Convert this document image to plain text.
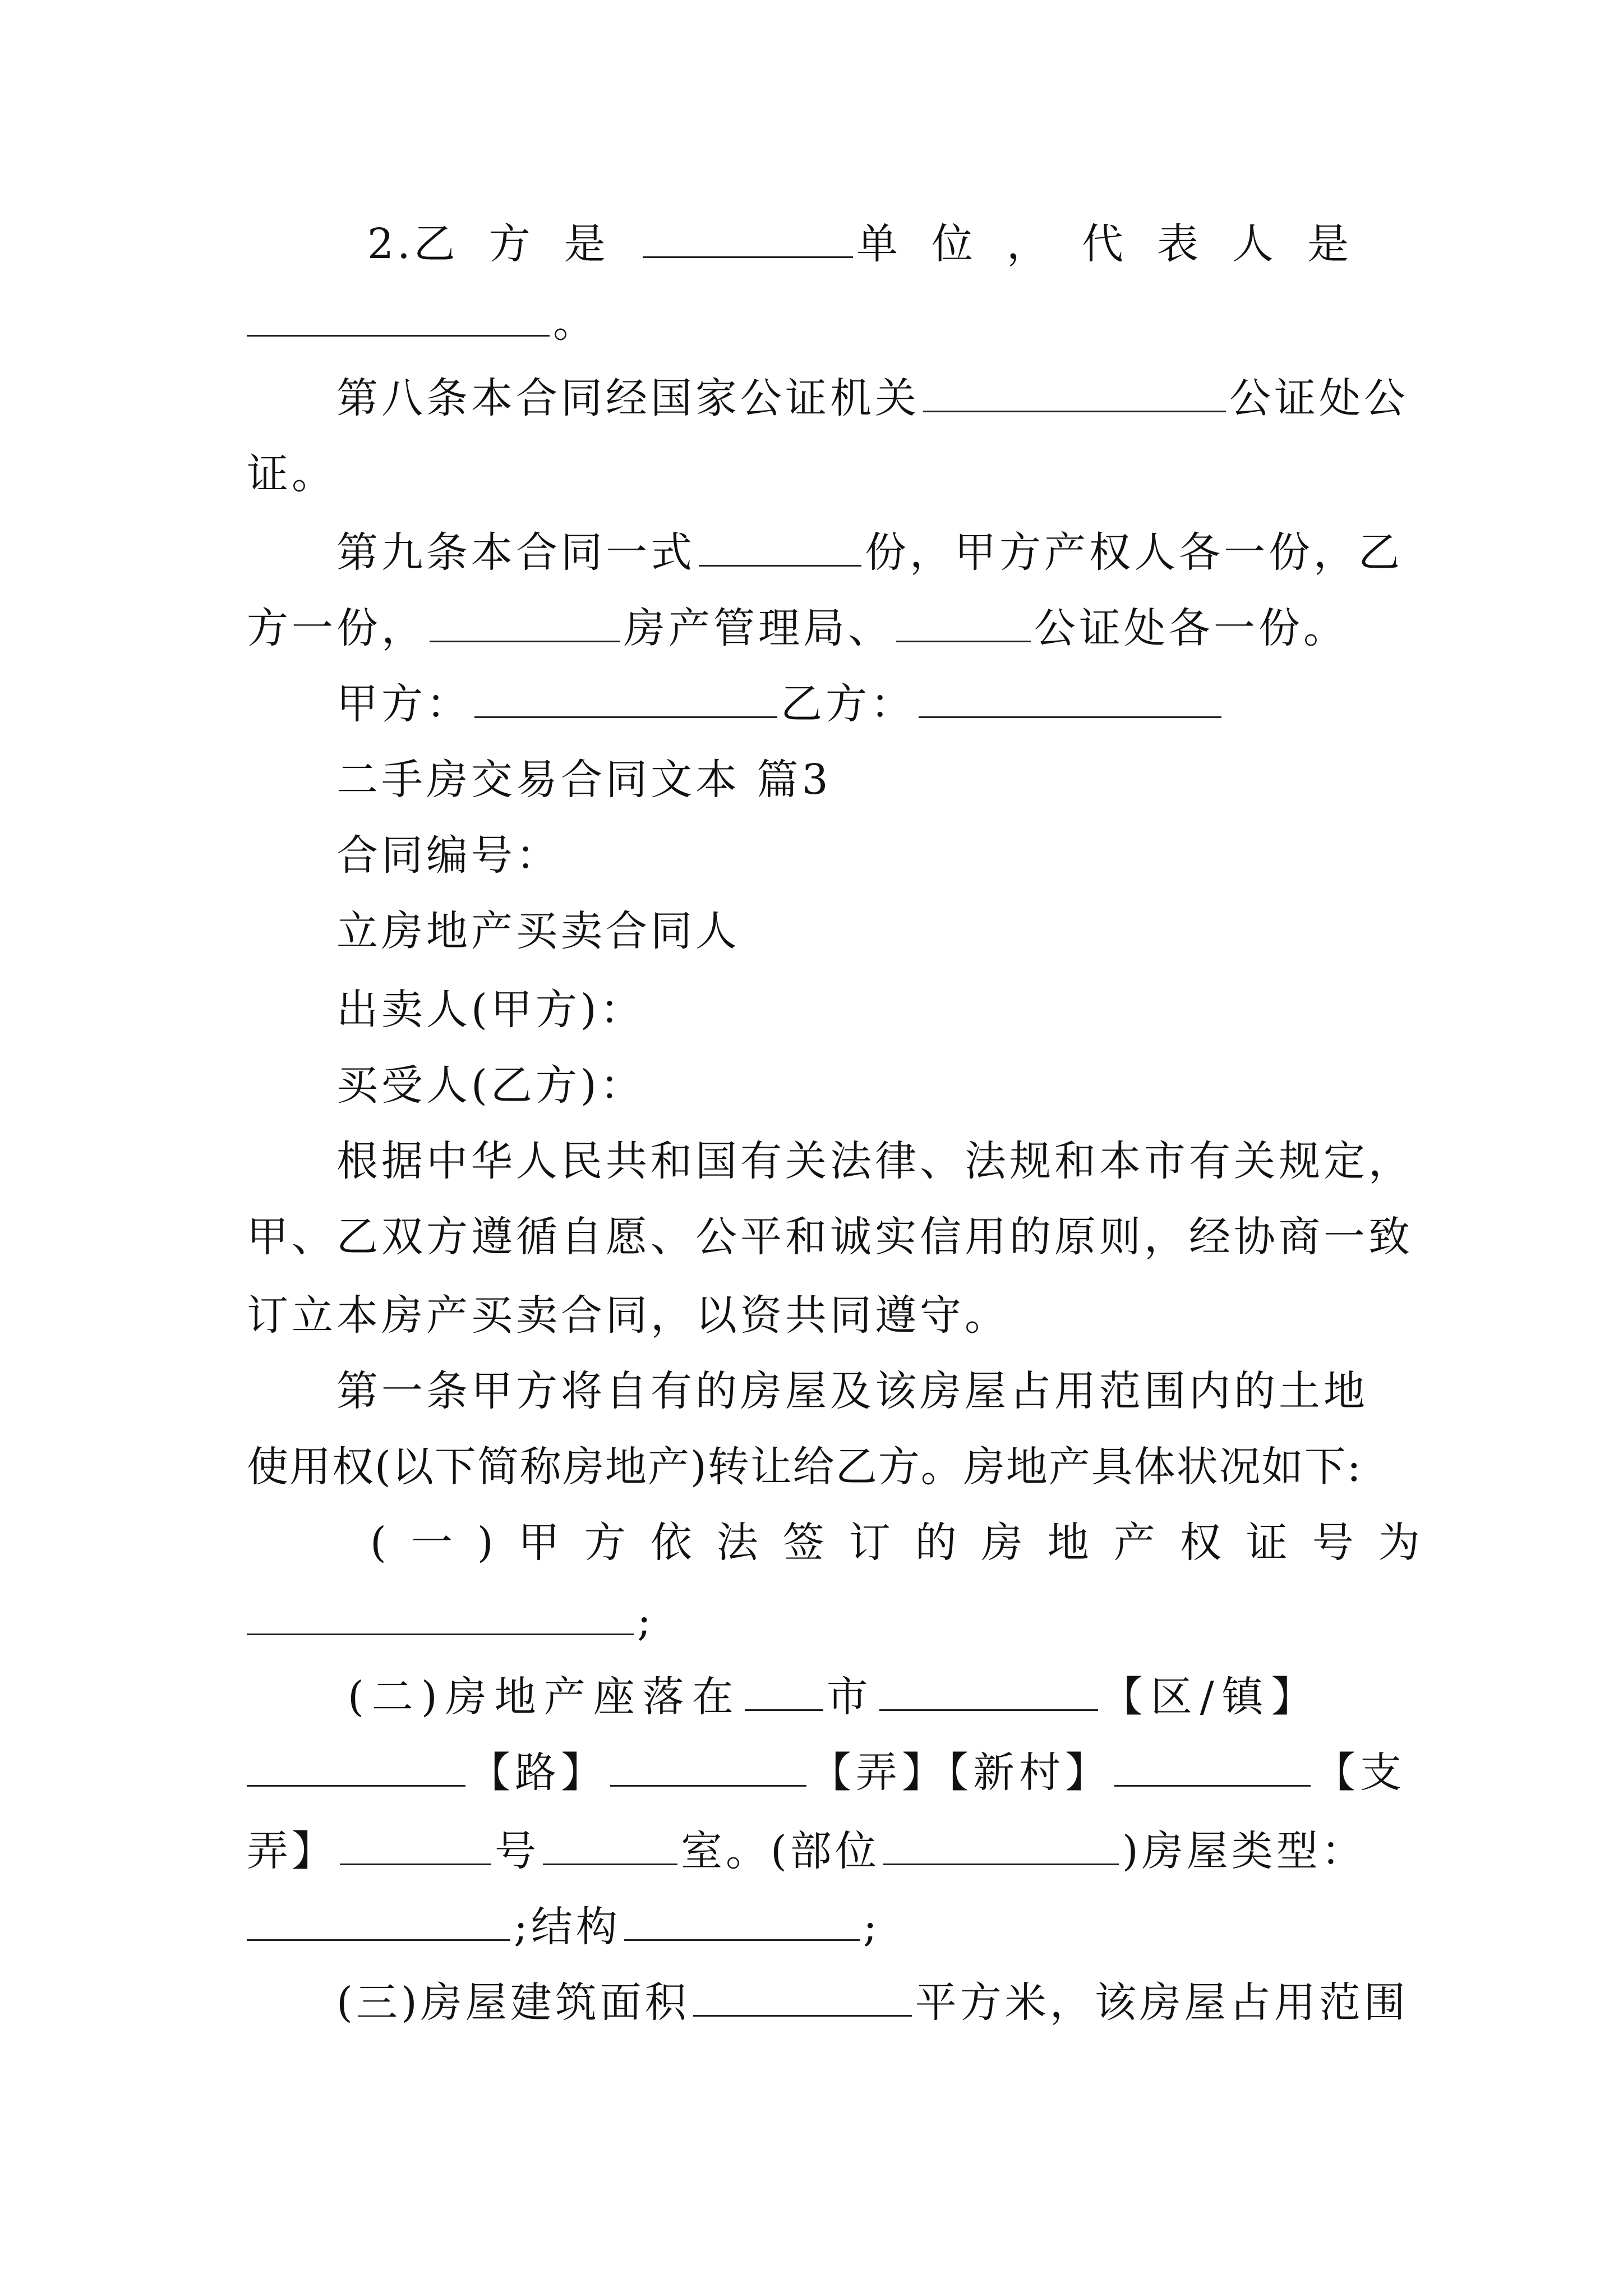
2. 乙方是	单位，代表人是
。
第八条本合同经国家公证机关	公证处公
证。
第九条本合同一式	份，甲方产权人各一份，乙
方一份，	房产管理局、	公证处各一份。
甲方：	乙方：
二手房交易合同文本 篇3
合同编号：
立房地产买卖合同人
出卖人(甲方)：
买受人(乙方)：
根据中华人民共和国有关法律、法规和本市有关规定，
甲、乙双方遵循自愿、公平和诚实信用的原则，经协商一致
订立本房产买卖合同，以资共同遵守。
第一条甲方将自有的房屋及该房屋占用范围内的土地
使用权(以下简称房地产)转让给乙方。房地产具体状况如下:
(一)甲方依法签订的房地产权证号为
;
(二)房地产座落在 市	【区/镇】
【路】	【弄】【新村】	【支
弄】	号	室。(部位	)房屋类型：
;结构	;
(三)房屋建筑面积	平方米，该房屋占用范围
